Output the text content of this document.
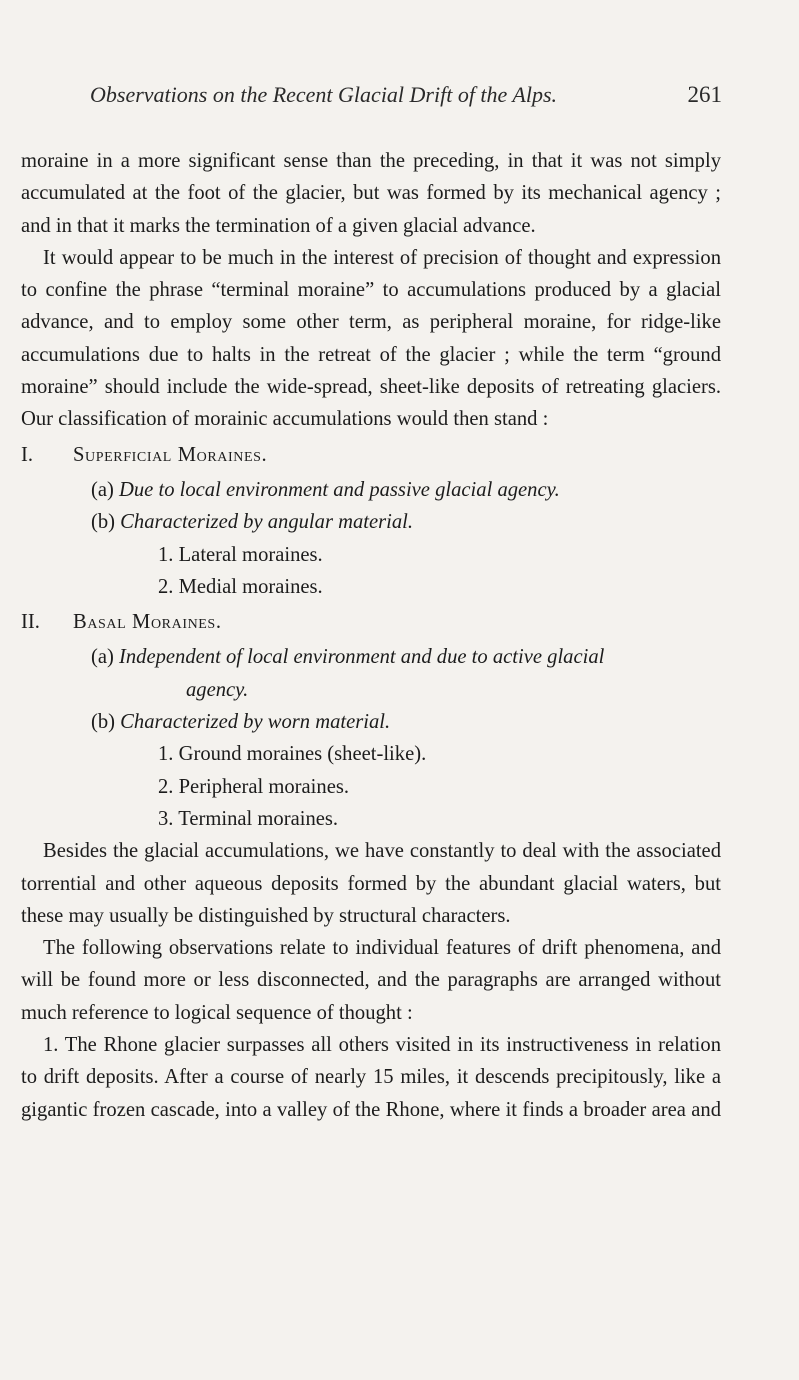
Observations on the Recent Glacial Drift of the Alps.	261

moraine in a more significant sense than the preceding, in that it was not simply accumulated at the foot of the glacier, but was formed by its mechanical agency ; and in that it marks the termination of a given glacial advance.

It would appear to be much in the interest of precision of thought and expression to confine the phrase “terminal moraine” to accumulations produced by a glacial advance, and to employ some other term, as peripheral moraine, for ridge-like accumulations due to halts in the retreat of the glacier ; while the term “ground moraine” should include the wide-spread, sheet-like deposits of retreating glaciers. Our classification of morainic accumulations would then stand :

I. Superficial Moraines.
(a) Due to local environment and passive glacial agency.
(b) Characterized by angular material.
1. Lateral moraines.
2. Medial moraines.
II. Basal Moraines.
(a) Independent of local environment and due to active glacial
agency.
(b) Characterized by worn material.
1. Ground moraines (sheet-like).
2. Peripheral moraines.
3. Terminal moraines.

Besides the glacial accumulations, we have constantly to deal with the associated torrential and other aqueous deposits formed by the abundant glacial waters, but these may usually be distinguished by structural characters.

The following observations relate to individual features of drift phenomena, and will be found more or less disconnected, and the paragraphs are arranged without much reference to logical sequence of thought :

1. The Rhone glacier surpasses all others visited in its instructiveness in relation to drift deposits. After a course of nearly 15 miles, it descends precipitously, like a gigantic frozen cascade, into a valley of the Rhone, where it finds a broader area and
